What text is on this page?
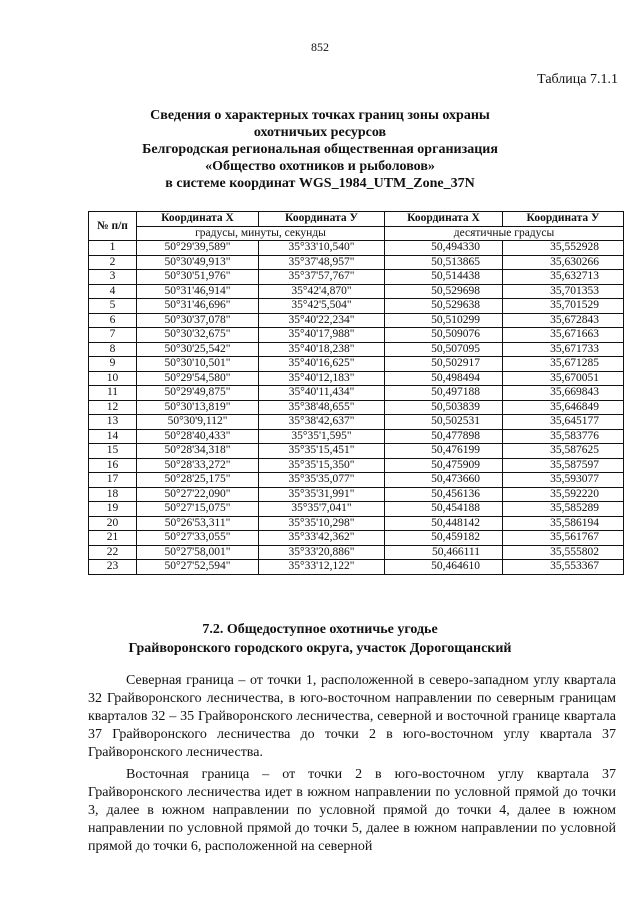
852
Таблица 7.1.1
Сведения о характерных точках границ зоны охраны
охотничьих ресурсов
Белгородская региональная общественная организация
«Общество охотников и рыболовов»
в системе координат WGS_1984_UTM_Zone_37N
№ п/п	Координата X	Координата У	Координата X	Координата У
	градусы, минуты, секунды		десятичные градусы	
1	50°29'39,589"	35°33'10,540"	50,494330	35,552928
2	50°30'49,913"	35°37'48,957"	50,513865	35,630266
3	50°30'51,976"	35°37'57,767"	50,514438	35,632713
4	50°31'46,914"	35°42'4,870"	50,529698	35,701353
5	50°31'46,696"	35°42'5,504"	50,529638	35,701529
6	50°30'37,078"	35°40'22,234"	50,510299	35,672843
7	50°30'32,675"	35°40'17,988"	50,509076	35,671663
8	50°30'25,542"	35°40'18,238"	50,507095	35,671733
9	50°30'10,501"	35°40'16,625"	50,502917	35,671285
10	50°29'54,580"	35°40'12,183"	50,498494	35,670051
11	50°29'49,875"	35°40'11,434"	50,497188	35,669843
12	50°30'13,819"	35°38'48,655"	50,503839	35,646849
13	50°30'9,112"	35°38'42,637"	50,502531	35,645177
14	50°28'40,433"	35°35'1,595"	50,477898	35,583776
15	50°28'34,318"	35°35'15,451"	50,476199	35,587625
16	50°28'33,272"	35°35'15,350"	50,475909	35,587597
17	50°28'25,175"	35°35'35,077"	50,473660	35,593077
18	50°27'22,090"	35°35'31,991"	50,456136	35,592220
19	50°27'15,075"	35°35'7,041"	50,454188	35,585289
20	50°26'53,311"	35°35'10,298"	50,448142	35,586194
21	50°27'33,055"	35°33'42,362"	50,459182	35,561767
22	50°27'58,001"	35°33'20,886"	50,466111	35,555802
23	50°27'52,594"	35°33'12,122"	50,464610	35,553367
7.2. Общедоступное охотничье угодье
Грайворонского городского округа, участок Дорогощанский

Северная граница – от точки 1, расположенной в северо-западном углу квартала 32 Грайворонского лесничества, в юго-восточном направлении по северным границам кварталов 32 – 35 Грайворонского лесничества, северной и восточной границе квартала 37 Грайворонского лесничества до точки 2 в юго-восточном углу квартала 37 Грайворонского лесничества.

Восточная граница – от точки 2 в юго-восточном углу квартала 37 Грайворонского лесничества идет в южном направлении по условной прямой до точки 3, далее в южном направлении по условной прямой до точки 4, далее в южном направлении по условной прямой до точки 5, далее в южном направлении по условной прямой до точки 6, расположенной на северной
